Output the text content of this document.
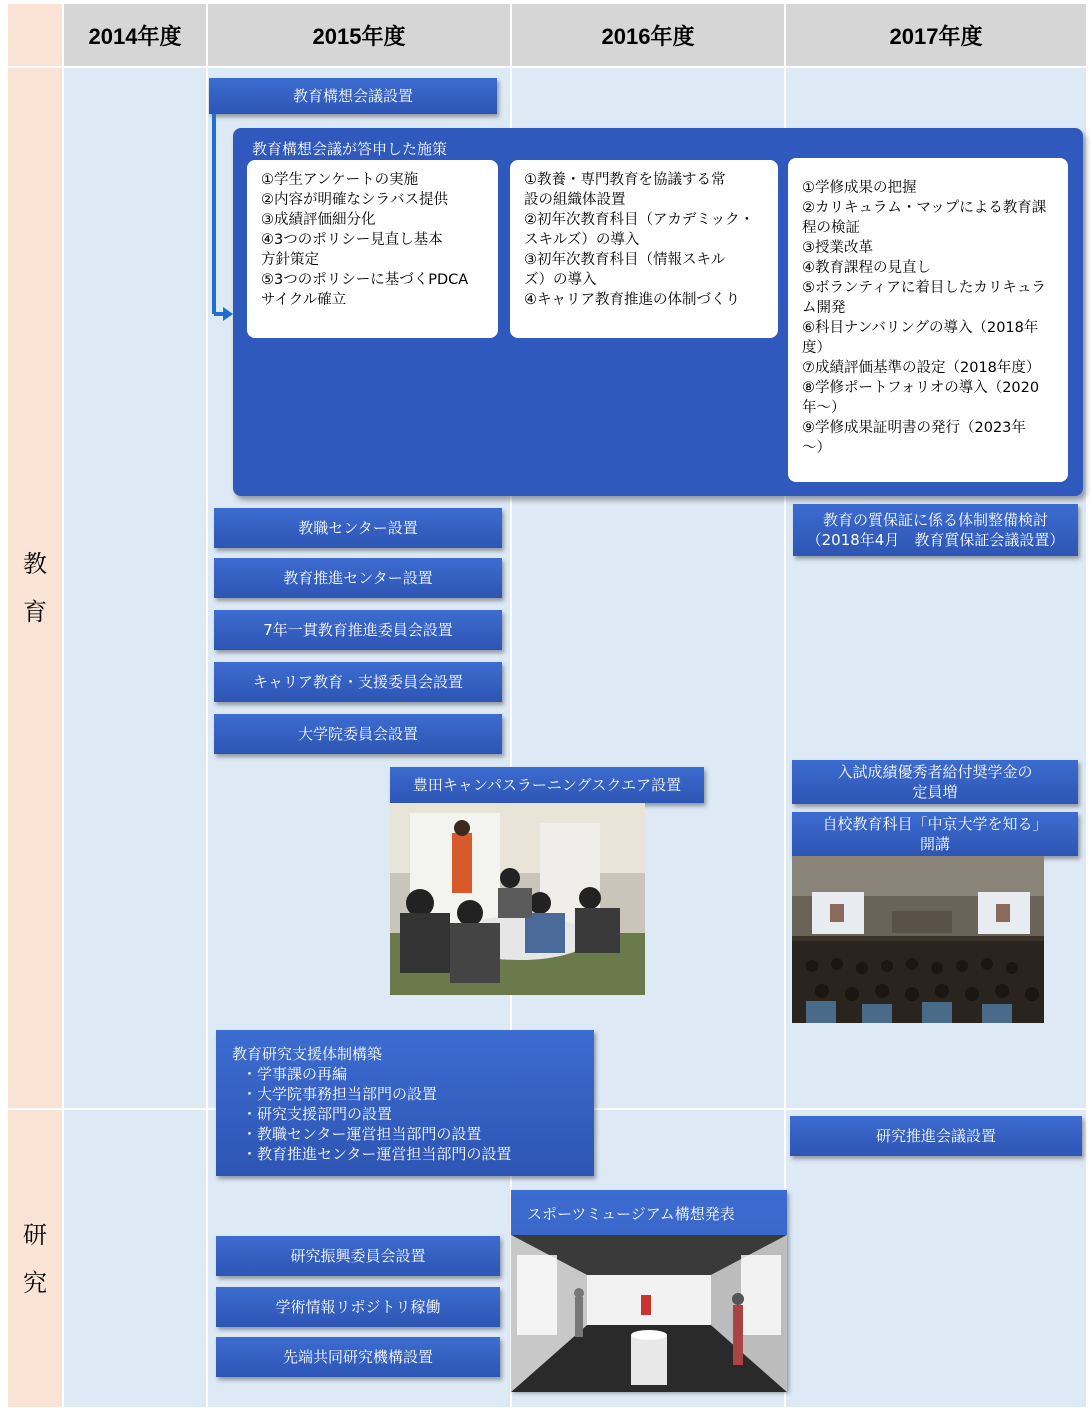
2014年度	2015年度	2016年度	2017年度
教
育
研
究
教育構想会議設置
教育構想会議が答申した施策
①学生アンケートの実施
②内容が明確なシラバス提供
③成績評価細分化
④3つのポリシー見直し基本
方針策定
⑤3つのポリシーに基づくPDCA
サイクル確立
①教養・専門教育を協議する常
設の組織体設置
②初年次教育科目（アカデミック・
スキルズ）の導入
③初年次教育科目（情報スキル
ズ）の導入
④キャリア教育推進の体制づくり
①学修成果の把握
②カリキュラム・マップによる教育課
程の検証
③授業改革
④教育課程の見直し
⑤ボランティアに着目したカリキュラ
ム開発
⑥科目ナンバリングの導入（2018年
度）
⑦成績評価基準の設定（2018年度）
⑧学修ポートフォリオの導入（2020
年～）
⑨学修成果証明書の発行（2023年
～）
教職センター設置
教育推進センター設置
7年一貫教育推進委員会設置
キャリア教育・支援委員会設置
大学院委員会設置
教育の質保証に係る体制整備検討
（2018年4月　教育質保証会議設置）
豊田キャンパスラーニングスクエア設置
入試成績優秀者給付奨学金の
定員増
自校教育科目「中京大学を知る」
開講
教育研究支援体制構築
・学事課の再編
・大学院事務担当部門の設置
・研究支援部門の設置
・教職センター運営担当部門の設置
・教育推進センター運営担当部門の設置
研究推進会議設置
スポーツミュージアム構想発表
研究振興委員会設置
学術情報リポジトリ稼働
先端共同研究機構設置
